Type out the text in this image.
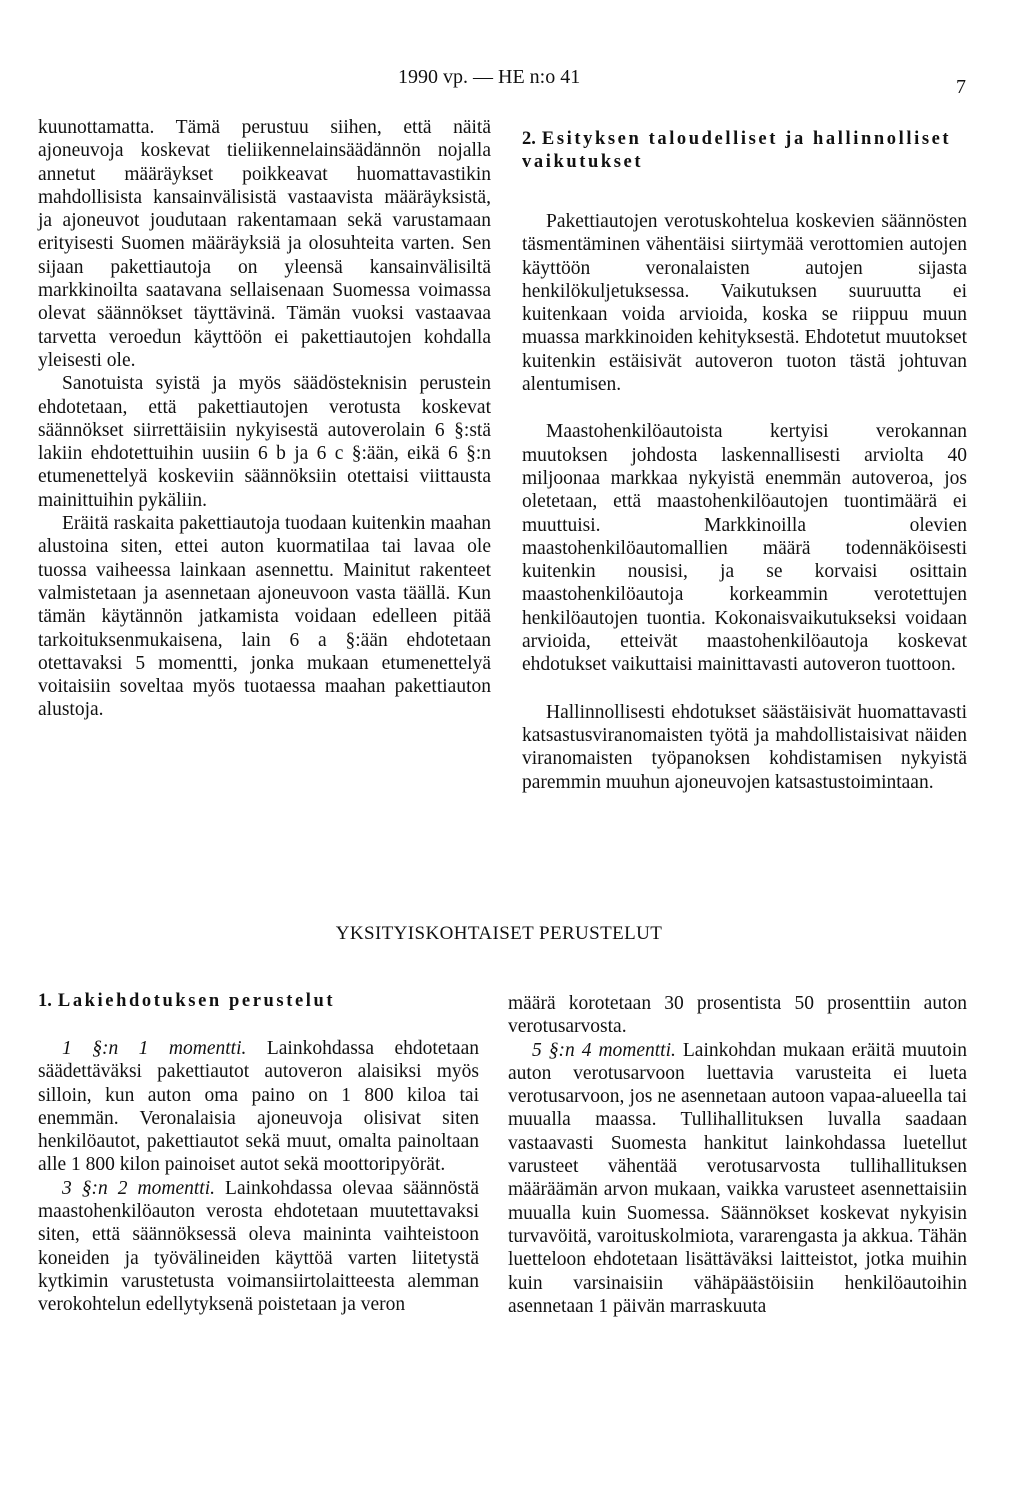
1990 vp. — HE n:o 41	7

kuunottamatta. Tämä perustuu siihen, että näitä ajoneuvoja koskevat tieliikennelainsäädännön nojalla annetut määräykset poikkeavat huomattavastikin mahdollisista kansainvälisistä vastaavista määräyksistä, ja ajoneuvot joudutaan rakentamaan sekä varustamaan erityisesti Suomen määräyksiä ja olosuhteita varten. Sen sijaan pakettiautoja on yleensä kansainvälisiltä markkinoilta saatavana sellaisenaan Suomessa voimassa olevat säännökset täyttävinä. Tämän vuoksi vastaavaa tarvetta veroedun käyttöön ei pakettiautojen kohdalla yleisesti ole.

Sanotuista syistä ja myös säädösteknisin perustein ehdotetaan, että pakettiautojen verotusta koskevat säännökset siirrettäisiin nykyisestä autoverolain 6 §:stä lakiin ehdotettuihin uusiin 6 b ja 6 c §:ään, eikä 6 §:n etumenettelyä koskeviin säännöksiin otettaisi viittausta mainittuihin pykäliin.

Eräitä raskaita pakettiautoja tuodaan kuitenkin maahan alustoina siten, ettei auton kuormatilaa tai lavaa ole tuossa vaiheessa lainkaan asennettu. Mainitut rakenteet valmistetaan ja asennetaan ajoneuvoon vasta täällä. Kun tämän käytännön jatkamista voidaan edelleen pitää tarkoituksenmukaisena, lain 6 a §:ään ehdotetaan otettavaksi 5 momentti, jonka mukaan etumenettelyä voitaisiin soveltaa myös tuotaessa maahan pakettiauton alustoja.

2. Esityksen taloudelliset ja hallinnolliset vaikutukset

Pakettiautojen verotuskohtelua koskevien säännösten täsmentäminen vähentäisi siirtymää verottomien autojen käyttöön veronalaisten autojen sijasta henkilökuljetuksessa. Vaikutuksen suuruutta ei kuitenkaan voida arvioida, koska se riippuu muun muassa markkinoiden kehityksestä. Ehdotetut muutokset kuitenkin estäisivät autoveron tuoton tästä johtuvan alentumisen.

Maastohenkilöautoista kertyisi verokannan muutoksen johdosta laskennallisesti arviolta 40 miljoonaa markkaa nykyistä enemmän autoveroa, jos oletetaan, että maastohenkilöautojen tuontimäärä ei muuttuisi. Markkinoilla olevien maastohenkilöautomallien määrä todennäköisesti kuitenkin nousisi, ja se korvaisi osittain maastohenkilöautoja korkeammin verotettujen henkilöautojen tuontia. Kokonaisvaikutukseksi voidaan arvioida, etteivät maastohenkilöautoja koskevat ehdotukset vaikuttaisi mainittavasti autoveron tuottoon.

Hallinnollisesti ehdotukset säästäisivät huomattavasti katsastusviranomaisten työtä ja mahdollistaisivat näiden viranomaisten työpanoksen kohdistamisen nykyistä paremmin muuhun ajoneuvojen katsastustoimintaan.

YKSITYISKOHTAISET PERUSTELUT
1. Lakiehdotuksen perustelut

1 §:n 1 momentti. Lainkohdassa ehdotetaan säädettäväksi pakettiautot autoveron alaisiksi myös silloin, kun auton oma paino on 1 800 kiloa tai enemmän. Veronalaisia ajoneuvoja olisivat siten henkilöautot, pakettiautot sekä muut, omalta painoltaan alle 1 800 kilon painoiset autot sekä moottoripyörät.

3 §:n 2 momentti. Lainkohdassa olevaa säännöstä maastohenkilöauton verosta ehdotetaan muutettavaksi siten, että säännöksessä oleva maininta vaihteistoon koneiden ja työvälineiden käyttöä varten liitetystä kytkimin varustetusta voimansiirtolaitteesta alemman verokohtelun edellytyksenä poistetaan ja veron

määrä korotetaan 30 prosentista 50 prosenttiin auton verotusarvosta.

5 §:n 4 momentti. Lainkohdan mukaan eräitä muutoin auton verotusarvoon luettavia varusteita ei lueta verotusarvoon, jos ne asennetaan autoon vapaa-alueella tai muualla maassa. Tullihallituksen luvalla saadaan vastaavasti Suomesta hankitut lainkohdassa luetellut varusteet vähentää verotusarvosta tullihallituksen määräämän arvon mukaan, vaikka varusteet asennettaisiin muualla kuin Suomessa. Säännökset koskevat nykyisin turvavöitä, varoituskolmiota, vararengasta ja akkua. Tähän luetteloon ehdotetaan lisättäväksi laitteistot, jotka muihin kuin varsinaisiin vähäpäästöisiin henkilöautoihin asennetaan 1 päivän marraskuuta
